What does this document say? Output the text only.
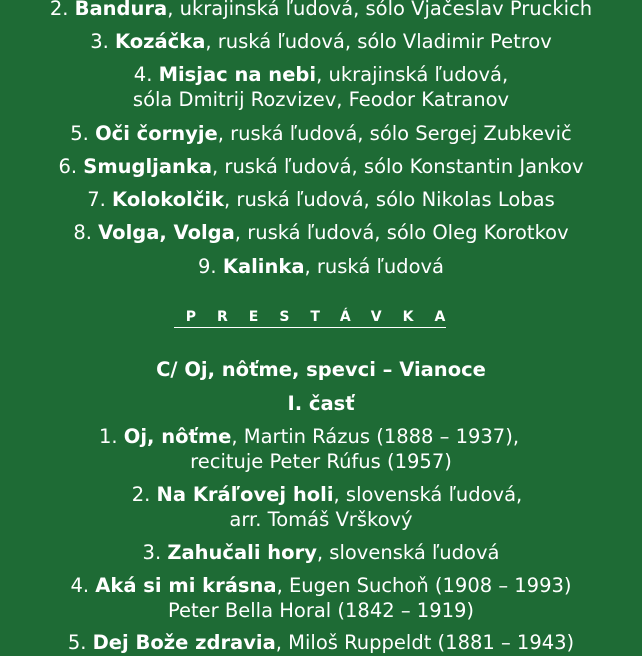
2. Bandura, ukrajinská ľudová, sólo Vjačeslav Pruckich
3. Kozáčka, ruská ľudová, sólo Vladimir Petrov
4. Misjac na nebi, ukrajinská ľudová,
sóla Dmitrij Rozvizev, Feodor Katranov
5. Oči čornyje, ruská ľudová, sólo Sergej Zubkevič
6. Smugljanka, ruská ľudová, sólo Konstantin Jankov
7. Kolokolčik, ruská ľudová, sólo Nikolas Lobas
8. Volga, Volga, ruská ľudová, sólo Oleg Korotkov
9. Kalinka, ruská ľudová
PRESTÁVKA
C/ Oj, nôťme, spevci – Vianoce
I. časť
1. Oj, nôťme, Martin Rázus (1888 – 1937),
recituje Peter Rúfus (1957)
2. Na Kráľovej holi, slovenská ľudová,
arr. Tomáš Vrškový
3. Zahučali hory, slovenská ľudová
4. Aká si mi krásna, Eugen Suchoň (1908 – 1993)
Peter Bella Horal (1842 – 1919)
5. Dej Bože zdravia, Miloš Ruppeldt (1881 – 1943)
